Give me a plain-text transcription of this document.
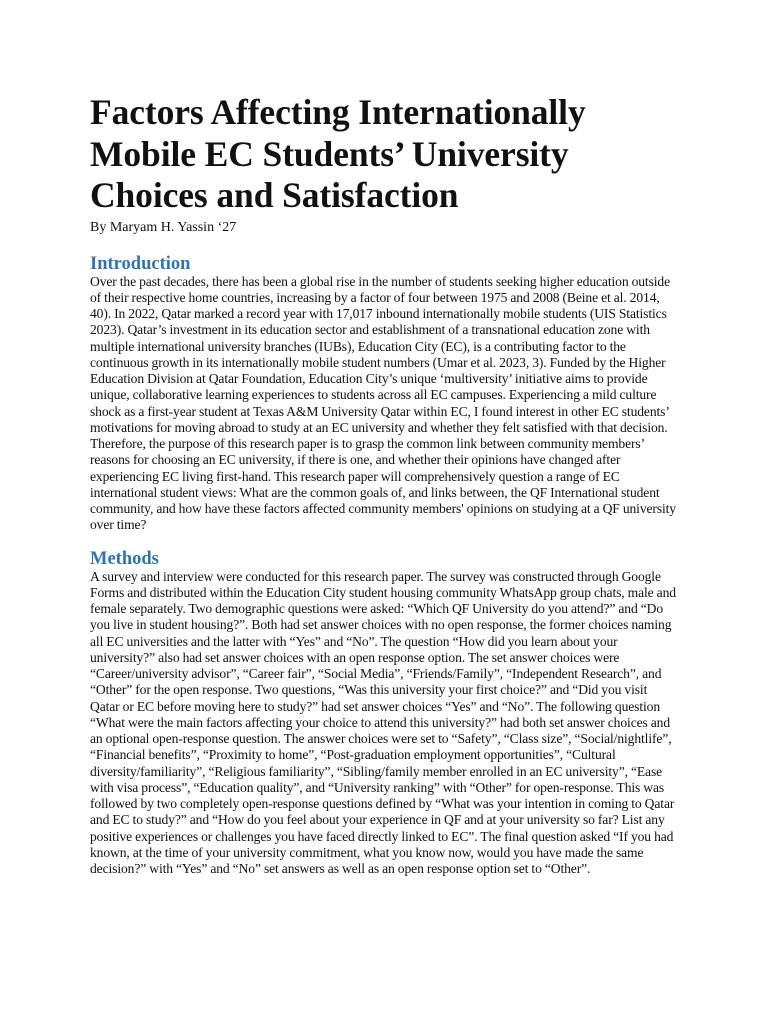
Factors Affecting Internationally Mobile EC Students’ University Choices and Satisfaction

By Maryam H. Yassin ‘27

Introduction

Over the past decades, there has been a global rise in the number of students seeking higher education outside of their respective home countries, increasing by a factor of four between 1975 and 2008 (Beine et al. 2014, 40). In 2022, Qatar marked a record year with 17,017 inbound internationally mobile students (UIS Statistics 2023). Qatar’s investment in its education sector and establishment of a transnational education zone with multiple international university branches (IUBs), Education City (EC), is a contributing factor to the continuous growth in its internationally mobile student numbers (Umar et al. 2023, 3). Funded by the Higher Education Division at Qatar Foundation, Education City’s unique ‘multiversity’ initiative aims to provide unique, collaborative learning experiences to students across all EC campuses. Experiencing a mild culture shock as a first-year student at Texas A&M University Qatar within EC, I found interest in other EC students’ motivations for moving abroad to study at an EC university and whether they felt satisfied with that decision. Therefore, the purpose of this research paper is to grasp the common link between community members’ reasons for choosing an EC university, if there is one, and whether their opinions have changed after experiencing EC living first-hand. This research paper will comprehensively question a range of EC international student views: What are the common goals of, and links between, the QF International student community, and how have these factors affected community members' opinions on studying at a QF university over time?

Methods

A survey and interview were conducted for this research paper. The survey was constructed through Google Forms and distributed within the Education City student housing community WhatsApp group chats, male and female separately. Two demographic questions were asked: “Which QF University do you attend?” and “Do you live in student housing?”. Both had set answer choices with no open response, the former choices naming all EC universities and the latter with “Yes” and “No”. The question “How did you learn about your university?” also had set answer choices with an open response option. The set answer choices were “Career/university advisor”, “Career fair”, “Social Media”, “Friends/Family”, “Independent Research”, and “Other” for the open response. Two questions, “Was this university your first choice?” and “Did you visit Qatar or EC before moving here to study?” had set answer choices “Yes” and “No”. The following question “What were the main factors affecting your choice to attend this university?” had both set answer choices and an optional open-response question. The answer choices were set to “Safety”, “Class size”, “Social/nightlife”, “Financial benefits”, “Proximity to home”, “Post-graduation employment opportunities”, “Cultural diversity/familiarity”, “Religious familiarity”, “Sibling/family member enrolled in an EC university”, “Ease with visa process”, “Education quality”, and “University ranking” with “Other” for open-response. This was followed by two completely open-response questions defined by “What was your intention in coming to Qatar and EC to study?” and “How do you feel about your experience in QF and at your university so far? List any positive experiences or challenges you have faced directly linked to EC”. The final question asked “If you had known, at the time of your university commitment, what you know now, would you have made the same decision?” with “Yes” and “No” set answers as well as an open response option set to “Other”.
